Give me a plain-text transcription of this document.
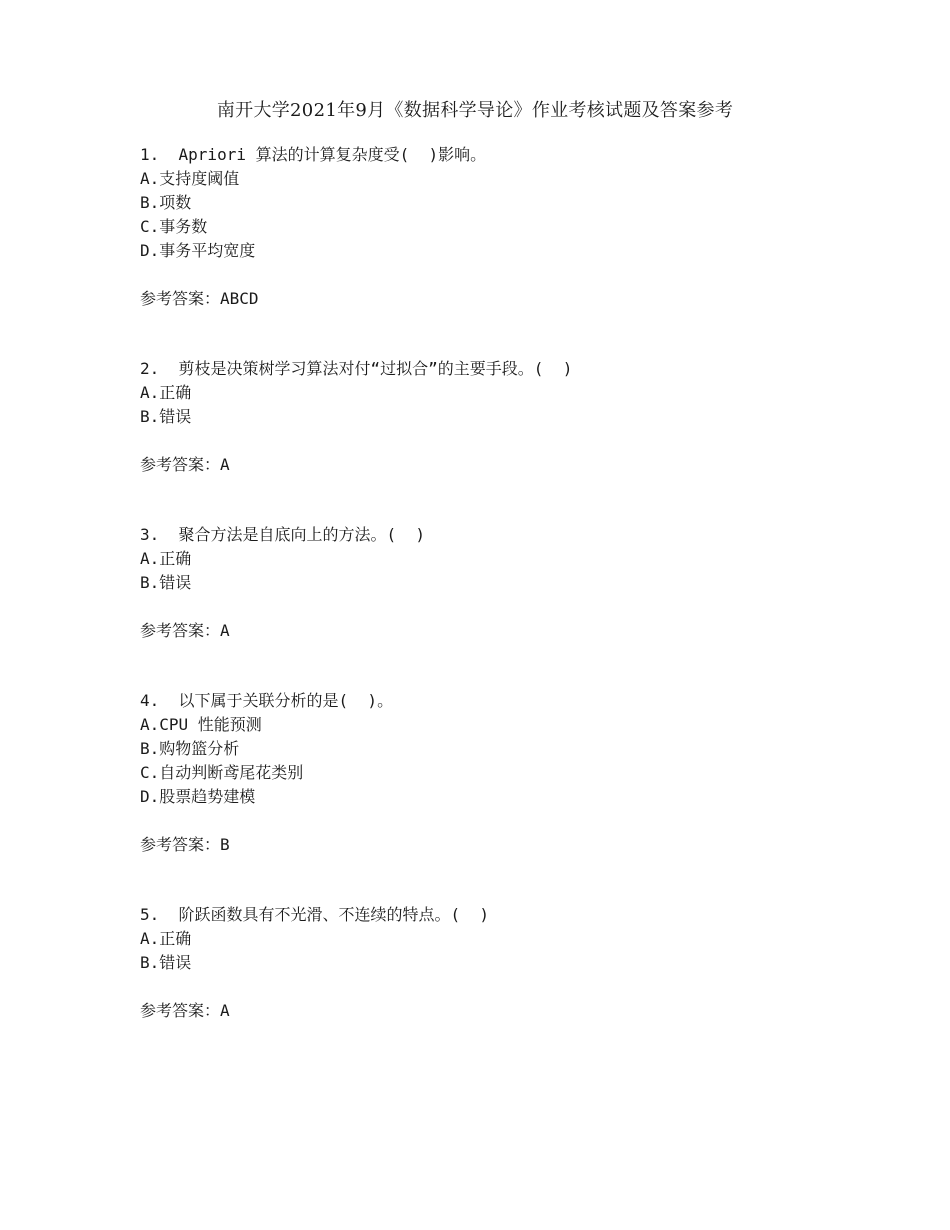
南开大学2021年9月《数据科学导论》作业考核试题及答案参考
1.  Apriori 算法的计算复杂度受(  )影响。
A.支持度阈值
B.项数
C.事务数
D.事务平均宽度
参考答案：ABCD
2.  剪枝是决策树学习算法对付“过拟合”的主要手段。(  )
A.正确
B.错误
参考答案：A
3.  聚合方法是自底向上的方法。(  )
A.正确
B.错误
参考答案：A
4.  以下属于关联分析的是(  )。
A.CPU 性能预测
B.购物篮分析
C.自动判断鸢尾花类别
D.股票趋势建模
参考答案：B
5.  阶跃函数具有不光滑、不连续的特点。(  )
A.正确
B.错误
参考答案：A
